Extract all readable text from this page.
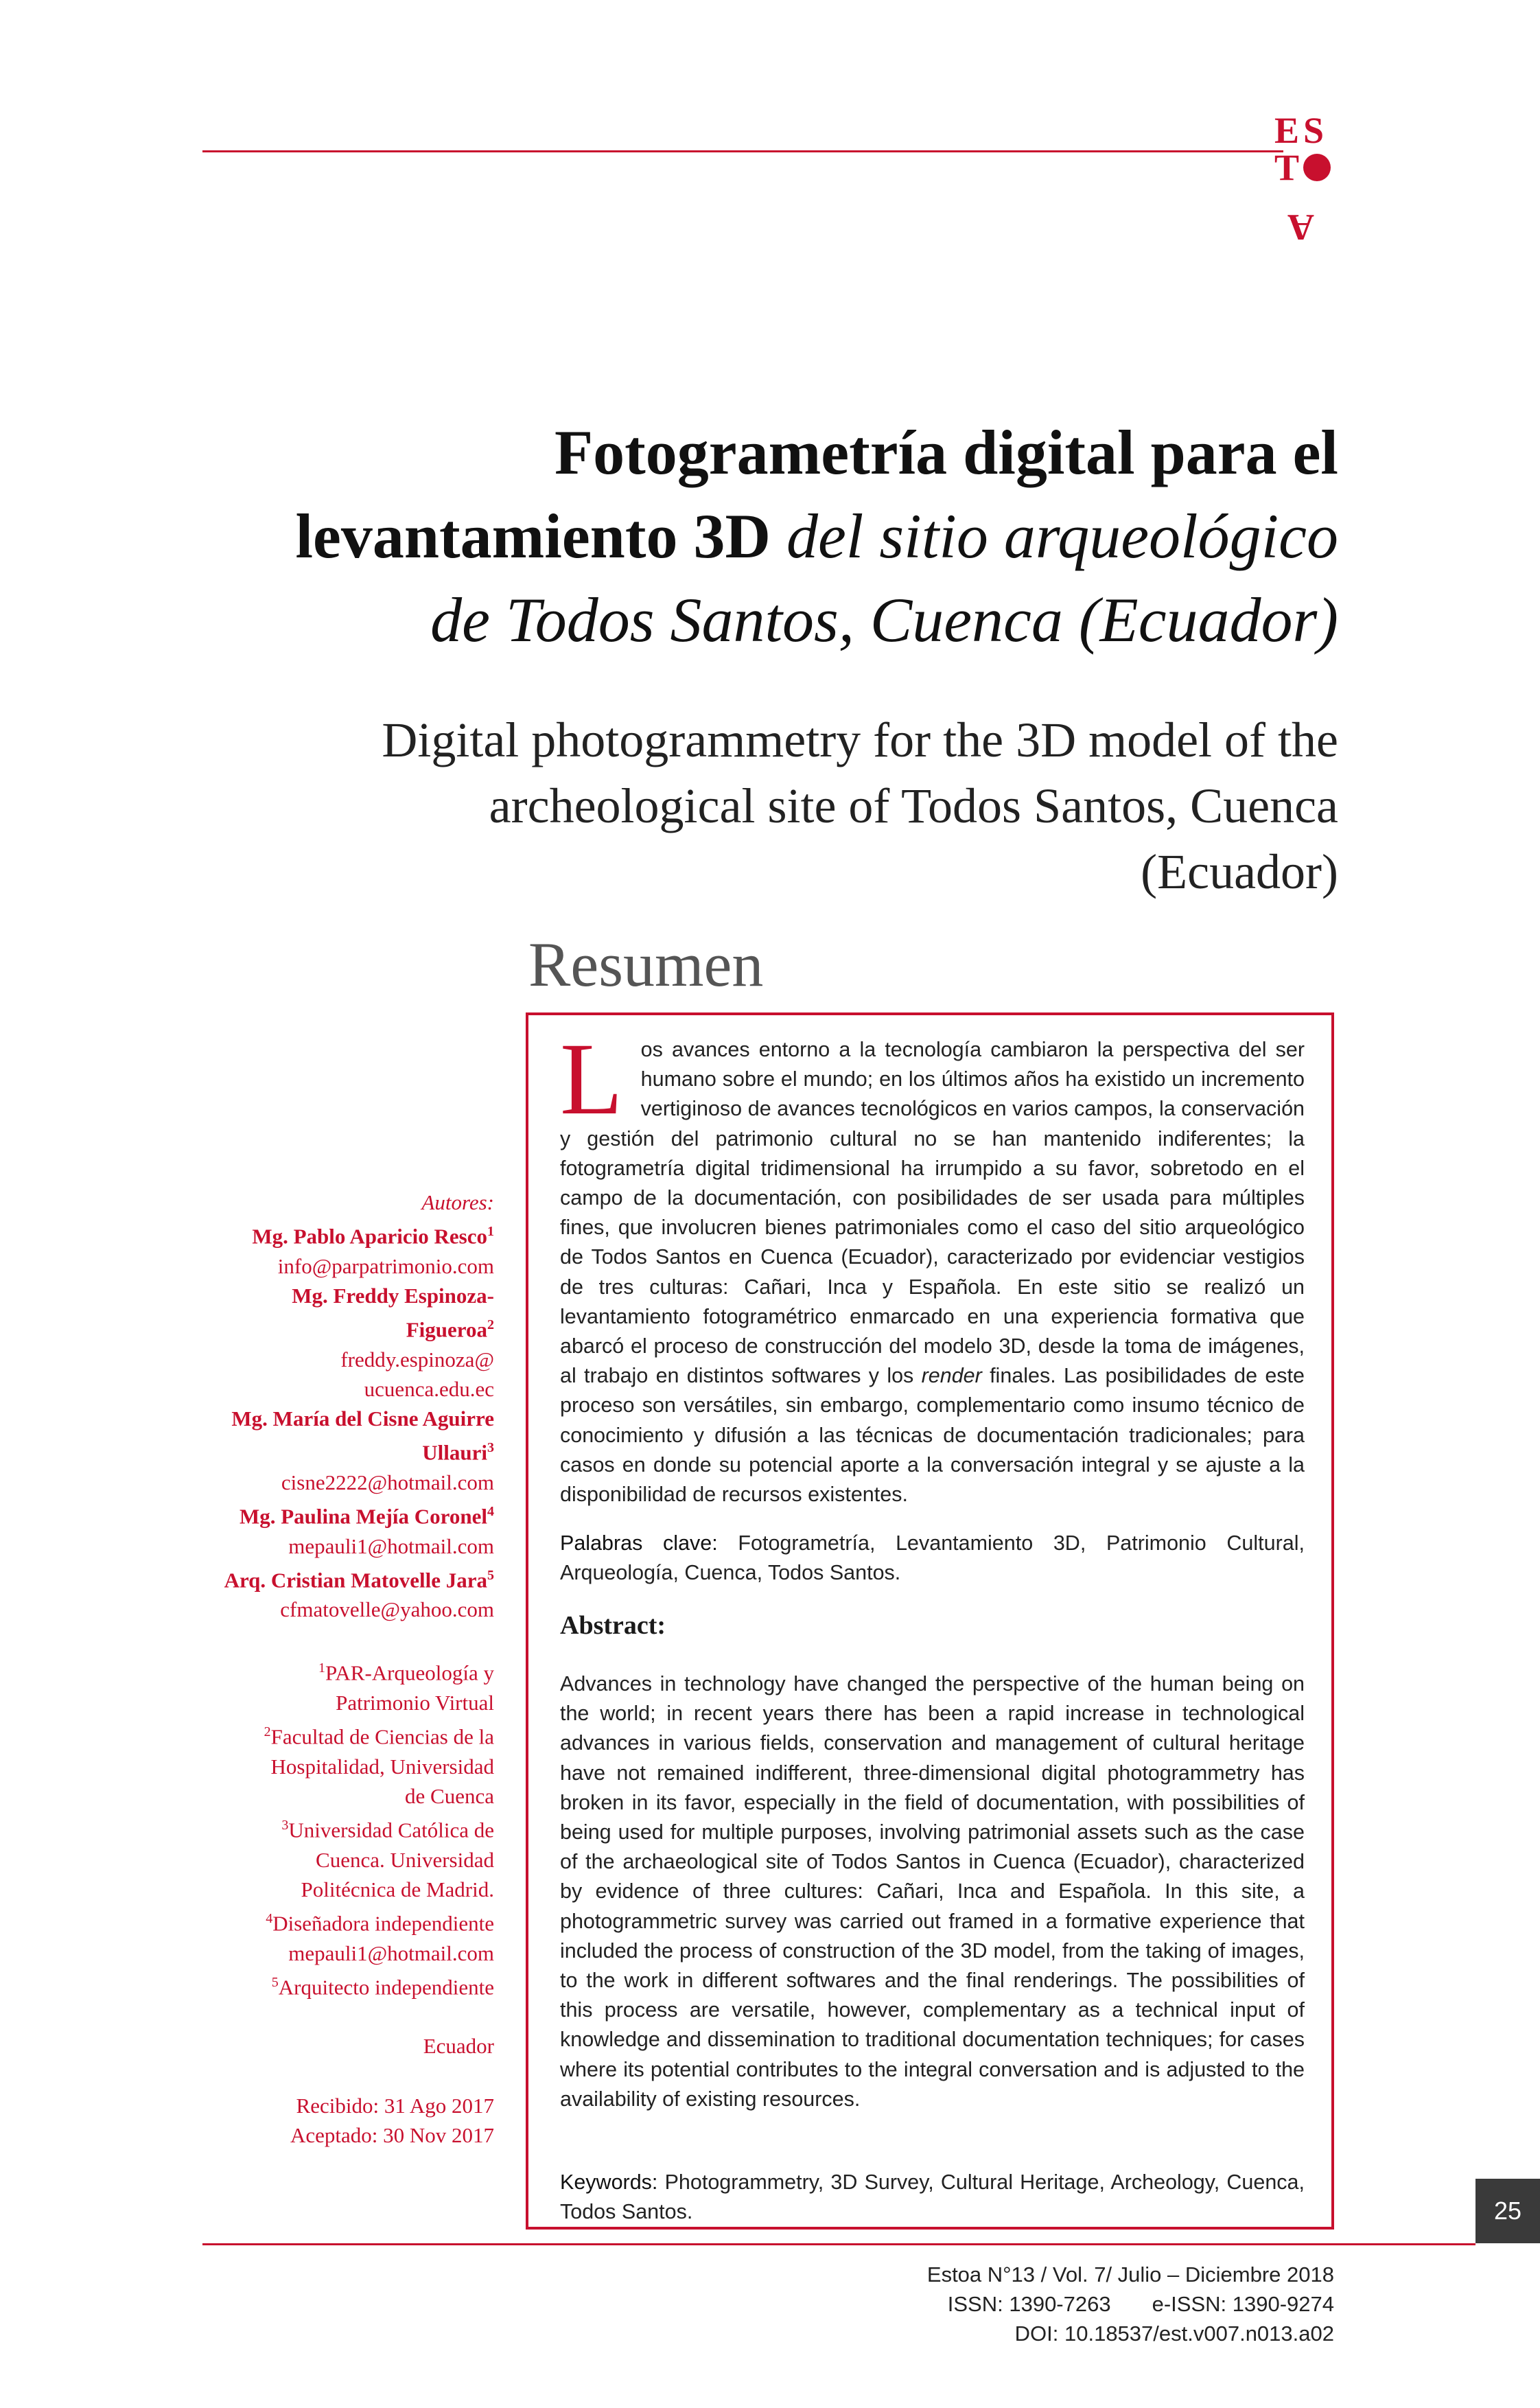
E S
T
A
Fotogrametría digital para el
levantamiento 3D del sitio arqueológico
de Todos Santos, Cuenca (Ecuador)
Digital photogrammetry for the 3D model of the
archeological site of Todos Santos, Cuenca
(Ecuador)
Resumen
Los avances entorno a la tecnología cambiaron la perspectiva del ser humano sobre el mundo; en los últimos años ha existido un incremento vertiginoso de avances tecnológicos en varios campos, la conservación y gestión del patrimonio cultural no se han mantenido indiferentes; la fotogrametría digital tridimensional ha irrumpido a su favor, sobretodo en el campo de la documentación, con posibilidades de ser usada para múltiples fines, que involucren bienes patrimoniales como el caso del sitio arqueológico de Todos Santos en Cuenca (Ecuador), caracterizado por evidenciar vestigios de tres culturas: Cañari, Inca y Española. En este sitio se realizó un levantamiento fotogramétrico enmarcado en una experiencia formativa que abarcó el proceso de construcción del modelo 3D, desde la toma de imágenes, al trabajo en distintos softwares y los render finales. Las posibilidades de este proceso son versátiles, sin embargo, complementario como insumo técnico de conocimiento y difusión a las técnicas de documentación tradicionales; para casos en donde su potencial aporte a la conversación integral y se ajuste a la disponibilidad de recursos existentes.
Palabras clave: Fotogrametría, Levantamiento 3D, Patrimonio Cultural, Arqueología, Cuenca, Todos Santos.
Abstract:
Advances in technology have changed the perspective of the human being on the world; in recent years there has been a rapid increase in technological advances in various fields, conservation and management of cultural heritage have not remained indifferent, three-dimensional digital photogrammetry has broken in its favor, especially in the field of documentation, with possibilities of being used for multiple purposes, involving patrimonial assets such as the case of the archaeological site of Todos Santos in Cuenca (Ecuador), characterized by evidence of three cultures: Cañari, Inca and Española. In this site, a photogrammetric survey was carried out framed in a formative experience that included the process of construction of the 3D model, from the taking of images, to the work in different softwares and the final renderings. The possibilities of this process are versatile, however, complementary as a technical input of knowledge and dissemination to traditional documentation techniques; for cases where its potential contributes to the integral conversation and is adjusted to the availability of existing resources.
Keywords: Photogrammetry, 3D Survey, Cultural Heritage, Archeology, Cuenca, Todos Santos.
Autores:
Mg. Pablo Aparicio Resco$^1$
info@parpatrimonio.com
Mg. Freddy Espinoza-
Figueroa$^2$
freddy.espinoza@
ucuenca.edu.ec
Mg. María del Cisne Aguirre
Ullauri$^3$
cisne2222@hotmail.com
Mg. Paulina Mejía Coronel$^4$
mepauli1@hotmail.com
Arq. Cristian Matovelle Jara$^5$
cfmatovelle@yahoo.com
$^1$PAR-Arqueología y
Patrimonio Virtual
$^2$Facultad de Ciencias de la
Hospitalidad, Universidad
de Cuenca
$^3$Universidad Católica de
Cuenca. Universidad
Politécnica de Madrid.
$^4$Diseñadora independiente
mepauli1@hotmail.com
$^5$Arquitecto independiente
Ecuador
Recibido: 31 Ago 2017
Aceptado: 30 Nov 2017
25
Estoa N°13 / Vol. 7/ Julio – Diciembre 2018
ISSN: 1390-7263 e-ISSN: 1390-9274
DOI: 10.18537/est.v007.n013.a02
